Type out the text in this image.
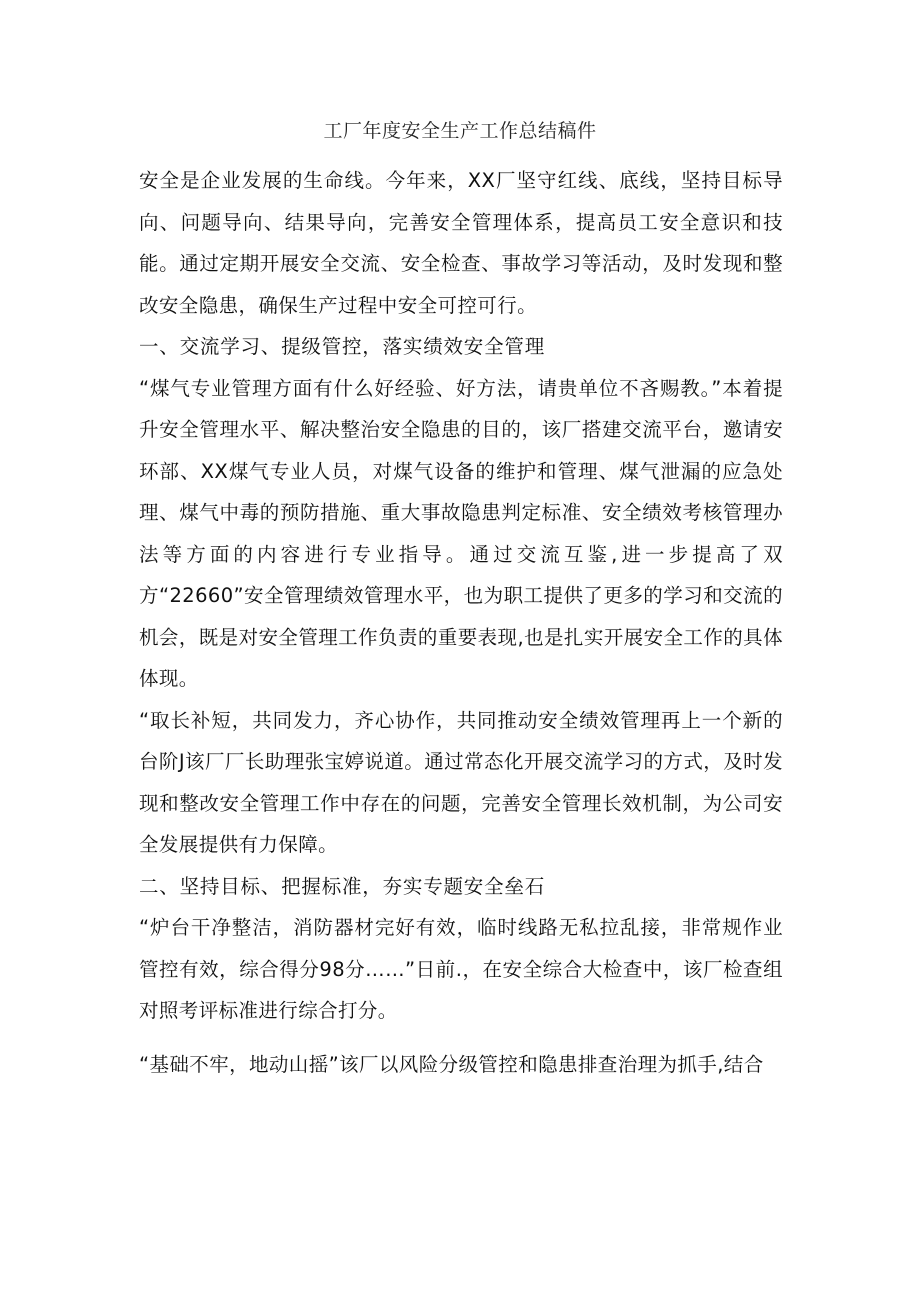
工厂年度安全生产工作总结稿件

安全是企业发展的生命线。今年来，XX厂坚守红线、底线，坚持目标导向、问题导向、结果导向，完善安全管理体系，提高员工安全意识和技能。通过定期开展安全交流、安全检查、事故学习等活动，及时发现和整改安全隐患，确保生产过程中安全可控可行。

一、交流学习、提级管控，落实绩效安全管理

“煤气专业管理方面有什么好经验、好方法，请贵单位不吝赐教。”本着提升安全管理水平、解决整治安全隐患的目的，该厂搭建交流平台，邀请安环部、XX煤气专业人员，对煤气设备的维护和管理、煤气泄漏的应急处理、煤气中毒的预防措施、重大事故隐患判定标准、安全绩效考核管理办法等方面的内容进行专业指导。通过交流互鉴,进一步提高了双方“22660”安全管理绩效管理水平，也为职工提供了更多的学习和交流的机会，既是对安全管理工作负责的重要表现,也是扎实开展安全工作的具体体现。

“取长补短，共同发力，齐心协作，共同推动安全绩效管理再上一个新的台阶J该厂厂长助理张宝婷说道。通过常态化开展交流学习的方式，及时发现和整改安全管理工作中存在的问题，完善安全管理长效机制，为公司安全发展提供有力保障。

二、坚持目标、把握标准，夯实专题安全垒石

“炉台干净整洁，消防器材完好有效，临时线路无私拉乱接，非常规作业管控有效，综合得分98分……”日前.，在安全综合大检查中，该厂检查组对照考评标准进行综合打分。

“基础不牢，地动山摇”该厂以风险分级管控和隐患排查治理为抓手,结合
